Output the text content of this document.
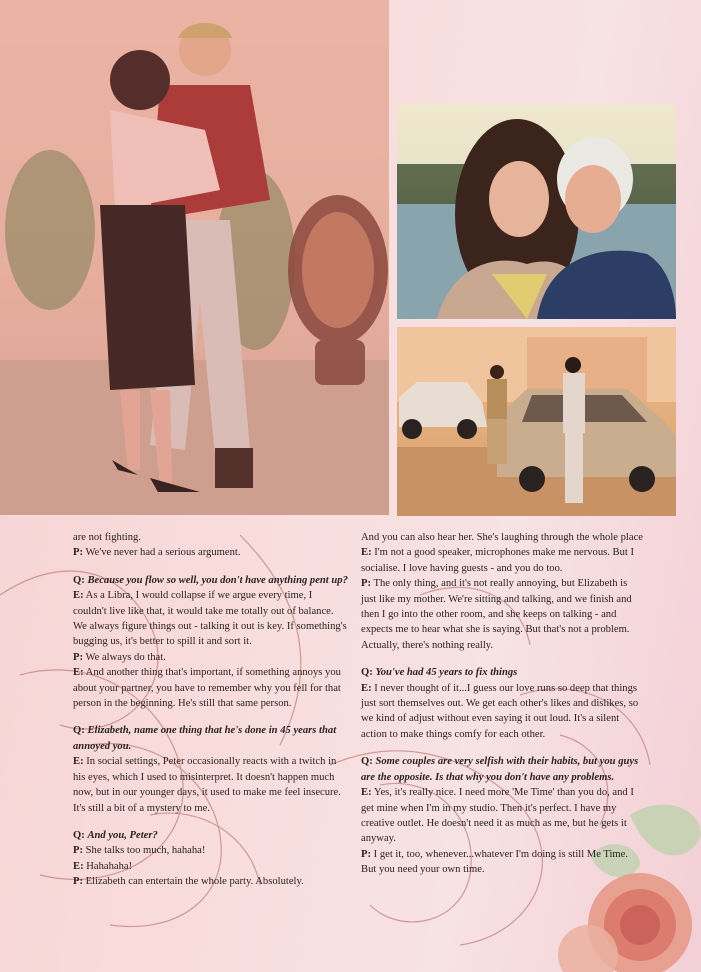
are not fighting.
P: We've never had a serious argument.
Q: Because you flow so well, you don't have anything pent up?
E: As a Libra, I would collapse if we argue every time, I couldn't live like that, it would take me totally out of balance. We always figure things out - talking it out is key. If something's bugging us, it's better to spill it and sort it.
P: We always do that.
E: And another thing that's important, if something annoys you about your partner, you have to remember why you fell for that person in the beginning. He's still that same person.
Q: Elizabeth, name one thing that he's done in 45 years that annoyed you.
E: In social settings, Peter occasionally reacts with a twitch in his eyes, which I used to misinterpret. It doesn't happen much now, but in our younger days, it used to make me feel insecure. It's still a bit of a mystery to me.
Q: And you, Peter?
P: She talks too much, hahaha!
E: Hahahaha!
P: Elizabeth can entertain the whole party. Absolutely.
And you can also hear her. She's laughing through the whole place
E: I'm not a good speaker, microphones make me nervous. But I socialise. I love having guests - and you do too.
P: The only thing, and it's not really annoying, but Elizabeth is just like my mother. We're sitting and talking, and we finish and then I go into the other room, and she keeps on talking - and expects me to hear what she is saying. But that's not a problem. Actually, there's nothing really.
Q: You've had 45 years to fix things
E: I never thought of it...I guess our love runs so deep that things just sort themselves out. We get each other's likes and dislikes, so we kind of adjust without even saying it out loud. It's a silent action to make things comfy for each other.
Q: Some couples are very selfish with their habits, but you guys are the opposite. Is that why you don't have any problems.
E: Yes, it's really nice. I need more 'Me Time' than you do, and I get mine when I'm in my studio. Then it's perfect. I have my creative outlet. He doesn't need it as much as me, but he gets it anyway.
P: I get it, too, whenever...whatever I'm doing is still Me Time. But you need your own time.
